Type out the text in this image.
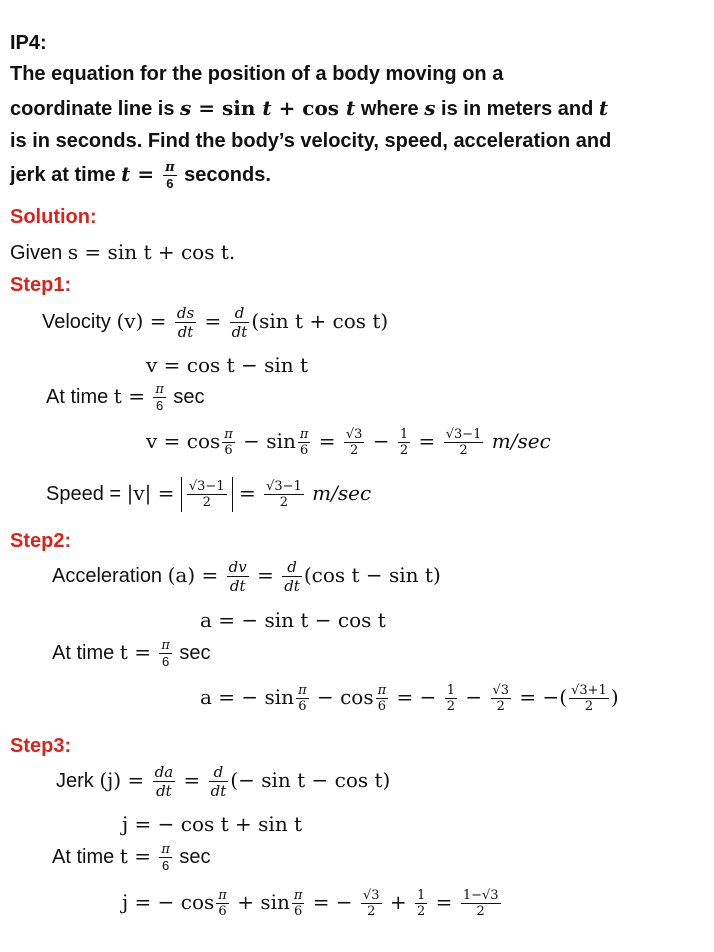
IP4:
The equation for the position of a body moving on a
coordinate line is s = sin t + cos t where s is in meters and t
is in seconds. Find the body’s velocity, speed, acceleration and
jerk at time $t = \frac{\pi}{6}$ seconds.
Solution:
Given s = sin t + cos t.
Step1:
Velocity $(v) = \frac{ds}{dt} = \frac{d}{dt} (\sin$ t + cos t)
v = cos t − sin t
At time $t = \frac{\pi}{6}$ sec
$v = \cos \frac{\pi}{6} - \sin \frac{\pi}{6} = \frac{√3}{2} - \frac{1}{2} = \frac{√3-1}{2} m/\sec$
Speed = $|v| = \frac{√3-1}{2} = \frac{√3-1}{2} m/\sec$
Step2:
Acceleration $(a) = \frac{dv}{dt} = \frac{d}{dt} (\cos$ t − sin t)
a = − sin t − cos t
At time $t = \frac{\pi}{6}$ sec
a = − $\sin \frac{\pi}{6} - \cos \frac{\pi}{6}$ = − $\frac{1}{2} - \frac{√3}{2}$ = −( $\frac{√3+1}{2}$ )
Step3:
Jerk $(j) = \frac{da}{dt} = \frac{d}{dt}$ (− sin t − cos t)
j = − cos t + sin t
At time $t = \frac{\pi}{6}$ sec
j = − $\cos \frac{\pi}{6} + \sin \frac{\pi}{6}$ = − $\frac{√3}{2} + \frac{1}{2} = \frac{1-√3}{2}$
